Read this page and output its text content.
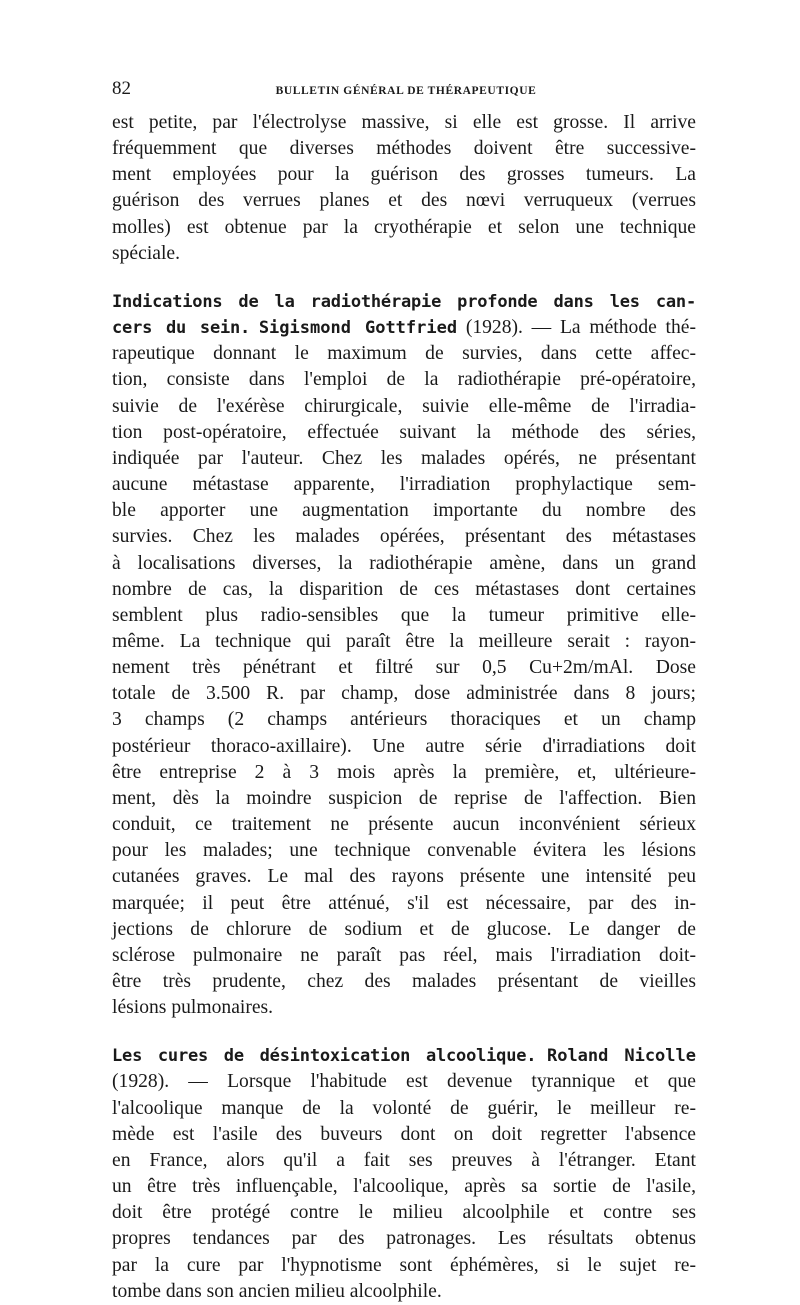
82	BULLETIN GÉNÉRAL DE THÉRAPEUTIQUE
est petite, par l'électrolyse massive, si elle est grosse. Il arrive
fréquemment que diverses méthodes doivent être successive-
ment employées pour la guérison des grosses tumeurs. La
guérison des verrues planes et des nœvi verruqueux (verrues
molles) est obtenue par la cryothérapie et selon une technique
spéciale.
Indications de la radiothérapie profonde dans les can-
cers du sein. Sigismond Gottfried (1928). — La méthode thé-
rapeutique donnant le maximum de survies, dans cette affec-
tion, consiste dans l'emploi de la radiothérapie pré-opératoire,
suivie de l'exérèse chirurgicale, suivie elle-même de l'irradia-
tion post-opératoire, effectuée suivant la méthode des séries,
indiquée par l'auteur. Chez les malades opérés, ne présentant
aucune métastase apparente, l'irradiation prophylactique sem-
ble apporter une augmentation importante du nombre des
survies. Chez les malades opérées, présentant des métastases
à localisations diverses, la radiothérapie amène, dans un grand
nombre de cas, la disparition de ces métastases dont certaines
semblent plus radio-sensibles que la tumeur primitive elle-
même. La technique qui paraît être la meilleure serait : rayon-
nement très pénétrant et filtré sur 0,5 Cu+2m/mAl. Dose
totale de 3.500 R. par champ, dose administrée dans 8 jours;
3 champs (2 champs antérieurs thoraciques et un champ
postérieur thoraco-axillaire). Une autre série d'irradiations doit
être entreprise 2 à 3 mois après la première, et, ultérieure-
ment, dès la moindre suspicion de reprise de l'affection. Bien
conduit, ce traitement ne présente aucun inconvénient sérieux
pour les malades; une technique convenable évitera les lésions
cutanées graves. Le mal des rayons présente une intensité peu
marquée; il peut être atténué, s'il est nécessaire, par des in-
jections de chlorure de sodium et de glucose. Le danger de
sclérose pulmonaire ne paraît pas réel, mais l'irradiation doit-
être très prudente, chez des malades présentant de vieilles
lésions pulmonaires.
Les cures de désintoxication alcoolique. Roland Nicolle
(1928). — Lorsque l'habitude est devenue tyrannique et que
l'alcoolique manque de la volonté de guérir, le meilleur re-
mède est l'asile des buveurs dont on doit regretter l'absence
en France, alors qu'il a fait ses preuves à l'étranger. Etant
un être très influençable, l'alcoolique, après sa sortie de l'asile,
doit être protégé contre le milieu alcoolphile et contre ses
propres tendances par des patronages. Les résultats obtenus
par la cure par l'hypnotisme sont éphémères, si le sujet re-
tombe dans son ancien milieu alcoolphile.
